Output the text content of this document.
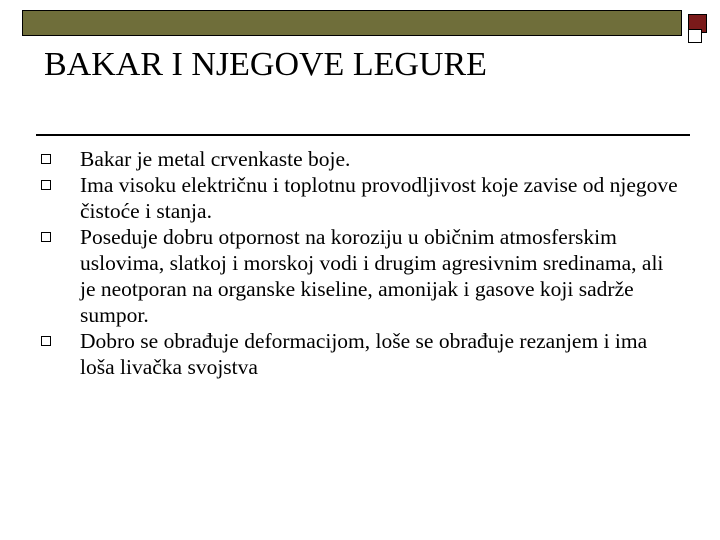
BAKAR I NJEGOVE LEGURE
Bakar je metal crvenkaste boje.
Ima visoku električnu i toplotnu provodljivost koje zavise od njegove čistoće i stanja.
Poseduje dobru otpornost na koroziju u običnim atmosferskim uslovima, slatkoj i morskoj vodi i drugim agresivnim sredinama, ali je neotporan na organske kiseline, amonijak i gasove koji sadrže sumpor.
Dobro se obrađuje deformacijom, loše se obrađuje rezanjem i ima loša livačka svojstva
